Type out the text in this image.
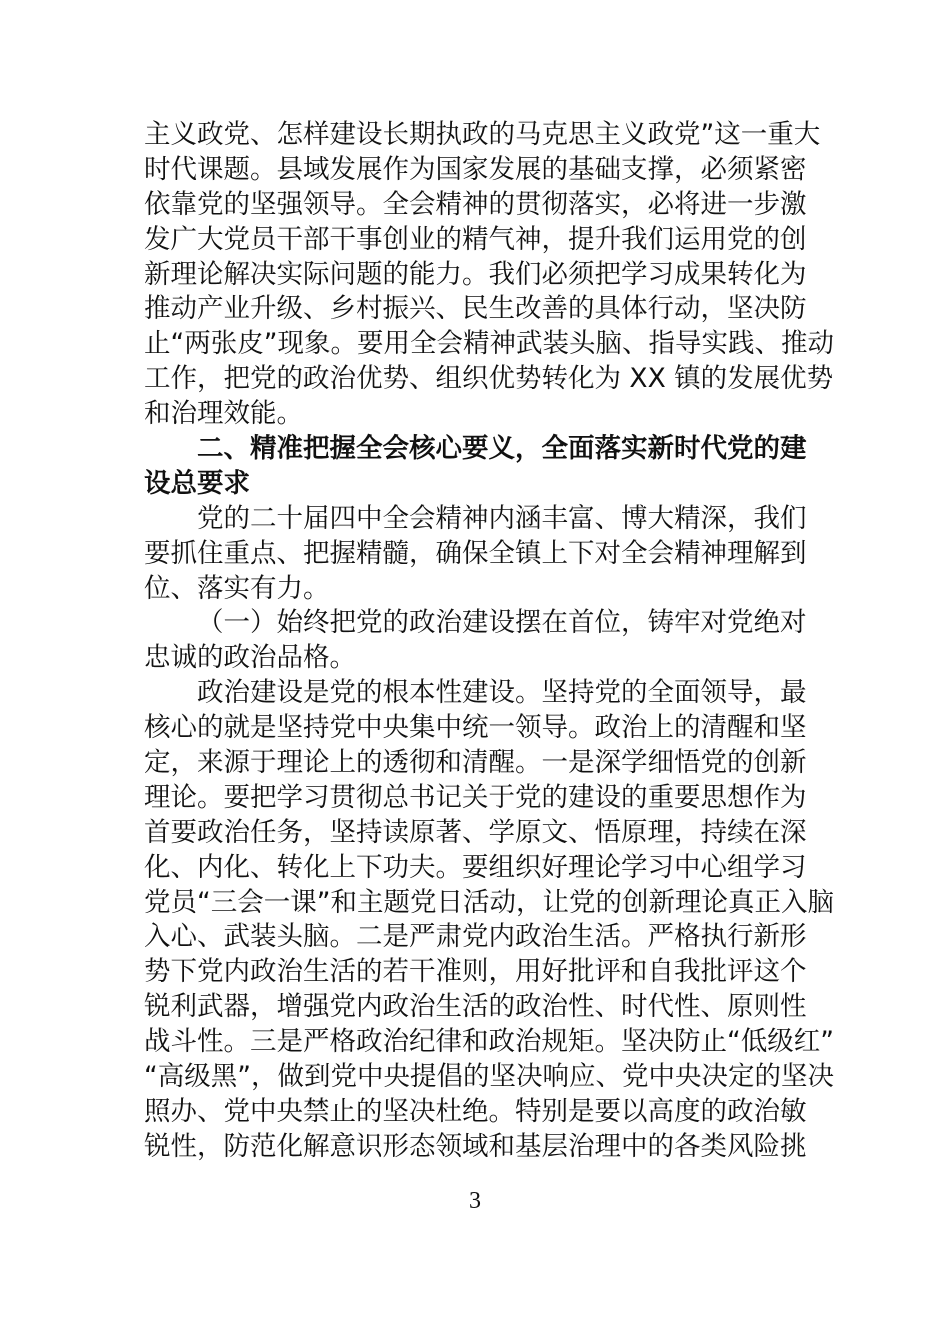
主义政党、怎样建设长期执政的马克思主义政党”这一重大
时代课题。县域发展作为国家发展的基础支撑，必须紧密
依靠党的坚强领导。全会精神的贯彻落实，必将进一步激
发广大党员干部干事创业的精气神，提升我们运用党的创
新理论解决实际问题的能力。我们必须把学习成果转化为
推动产业升级、乡村振兴、民生改善的具体行动，坚决防
止“两张皮”现象。要用全会精神武装头脑、指导实践、推动
工作，把党的政治优势、组织优势转化为 XX 镇的发展优势
和治理效能。
二、精准把握全会核心要义，全面落实新时代党的建
设总要求
党的二十届四中全会精神内涵丰富、博大精深，我们
要抓住重点、把握精髓，确保全镇上下对全会精神理解到
位、落实有力。
（一）始终把党的政治建设摆在首位，铸牢对党绝对
忠诚的政治品格。
政治建设是党的根本性建设。坚持党的全面领导，最
核心的就是坚持党中央集中统一领导。政治上的清醒和坚
定，来源于理论上的透彻和清醒。一是深学细悟党的创新
理论。要把学习贯彻总书记关于党的建设的重要思想作为
首要政治任务，坚持读原著、学原文、悟原理，持续在深
化、内化、转化上下功夫。要组织好理论学习中心组学习
党员“三会一课”和主题党日活动，让党的创新理论真正入脑
入心、武装头脑。二是严肃党内政治生活。严格执行新形
势下党内政治生活的若干准则，用好批评和自我批评这个
锐利武器，增强党内政治生活的政治性、时代性、原则性
战斗性。三是严格政治纪律和政治规矩。坚决防止“低级红”
“高级黑”，做到党中央提倡的坚决响应、党中央决定的坚决
照办、党中央禁止的坚决杜绝。特别是要以高度的政治敏
锐性，防范化解意识形态领域和基层治理中的各类风险挑
3
